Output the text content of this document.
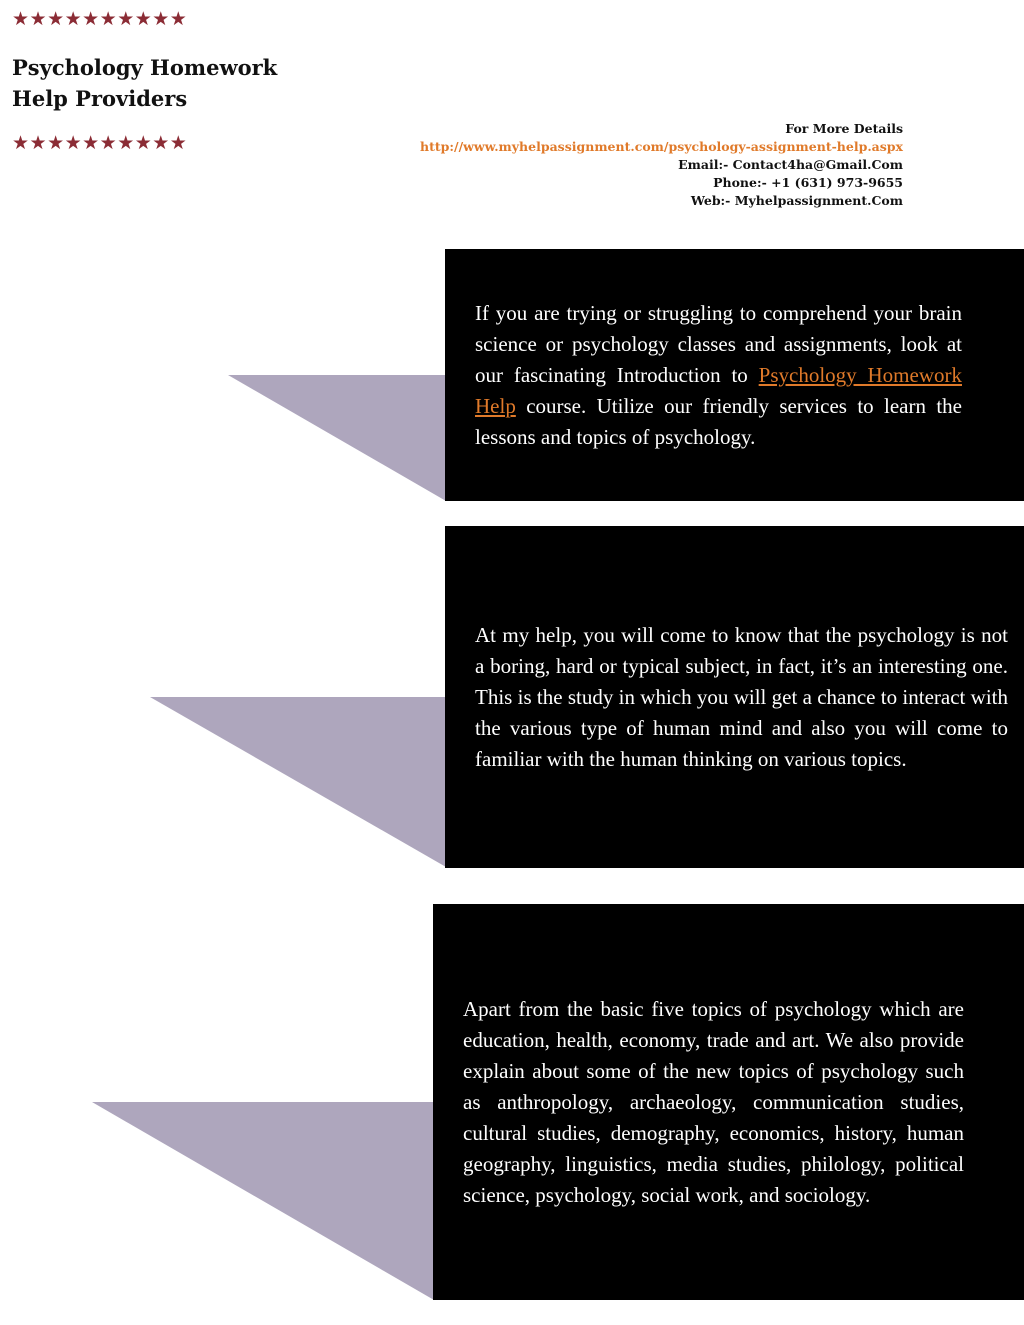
★★★★★★★★★★
Psychology Homework
Help Providers
★★★★★★★★★★
For More Details
http://www.myhelpassignment.com/psychology-assignment-help.aspx
Email:- Contact4ha@Gmail.Com
Phone:- +1 (631) 973-9655
Web:- Myhelpassignment.Com

If you are trying or struggling to comprehend your brain science or psychology classes and assignments, look at our fascinating Introduction to Psychology Homework Help course. Utilize our friendly services to learn the lessons and topics of psychology.

At my help, you will come to know that the psychology is not a boring, hard or typical subject, in fact, it’s an interesting one. This is the study in which you will get a chance to interact with the various type of human mind and also you will come to familiar with the human thinking on various topics.

Apart from the basic five topics of psychology which are education, health, economy, trade and art. We also provide explain about some of the new topics of psychology such as anthropology, archaeology, communication studies, cultural studies, demography, economics, history, human geography, linguistics, media studies, philology, political science, psychology, social work, and sociology.
